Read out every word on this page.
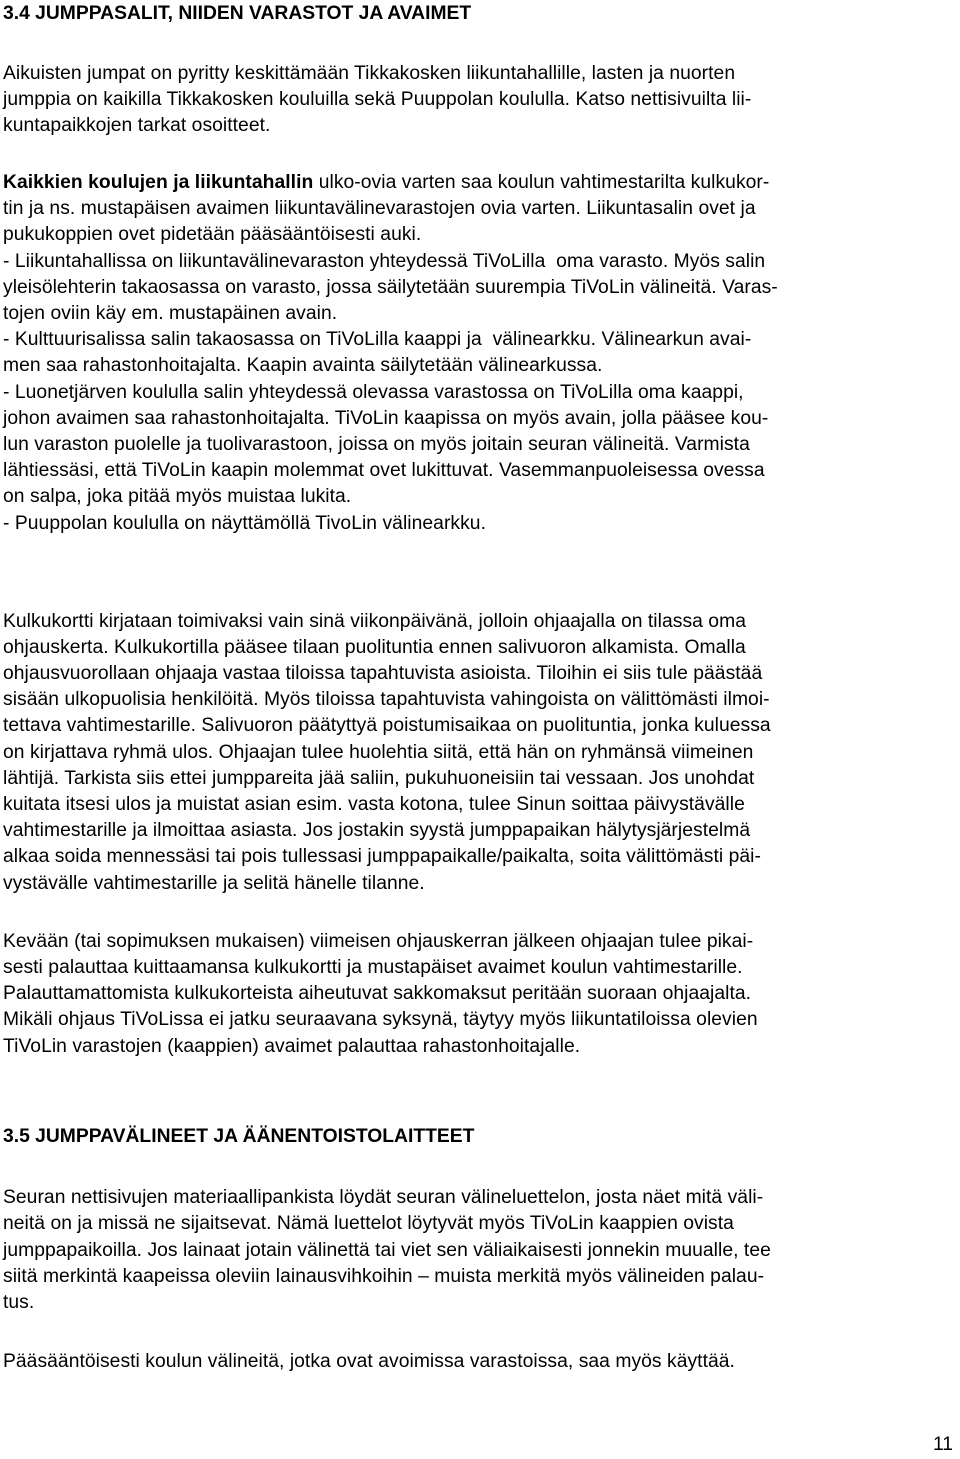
3.4 JUMPPASALIT, NIIDEN VARASTOT JA AVAIMET
Aikuisten jumpat on pyritty keskittämään Tikkakosken liikuntahallille, lasten ja nuorten
jumppia on kaikilla Tikkakosken kouluilla sekä Puuppolan koululla. Katso nettisivuilta lii-
kuntapaikkojen tarkat osoitteet.
Kaikkien koulujen ja liikuntahallin ulko-ovia varten saa koulun vahtimestarilta kulkukor-
tin ja ns. mustapäisen avaimen liikuntavälinevarastojen ovia varten. Liikuntasalin ovet ja
pukukoppien ovet pidetään pääsääntöisesti auki.
- Liikuntahallissa on liikuntavälinevaraston yhteydessä TiVoLilla  oma varasto. Myös salin
yleisölehterin takaosassa on varasto, jossa säilytetään suurempia TiVoLin välineitä. Varas-
tojen oviin käy em. mustapäinen avain.
- Kulttuurisalissa salin takaosassa on TiVoLilla kaappi ja  välinearkku. Välinearkun avai-
men saa rahastonhoitajalta. Kaapin avainta säilytetään välinearkussa.
- Luonetjärven koululla salin yhteydessä olevassa varastossa on TiVoLilla oma kaappi,
johon avaimen saa rahastonhoitajalta. TiVoLin kaapissa on myös avain, jolla pääsee kou-
lun varaston puolelle ja tuolivarastoon, joissa on myös joitain seuran välineitä. Varmista
lähtiessäsi, että TiVoLin kaapin molemmat ovet lukittuvat. Vasemmanpuoleisessa ovessa
on salpa, joka pitää myös muistaa lukita.
- Puuppolan koululla on näyttämöllä TivoLin välinearkku.
Kulkukortti kirjataan toimivaksi vain sinä viikonpäivänä, jolloin ohjaajalla on tilassa oma
ohjauskerta. Kulkukortilla pääsee tilaan puolituntia ennen salivuoron alkamista. Omalla
ohjausvuorollaan ohjaaja vastaa tiloissa tapahtuvista asioista. Tiloihin ei siis tule päästää
sisään ulkopuolisia henkilöitä. Myös tiloissa tapahtuvista vahingoista on välittömästi ilmoi-
tettava vahtimestarille. Salivuoron päätyttyä poistumisaikaa on puolituntia, jonka kuluessa
on kirjattava ryhmä ulos. Ohjaajan tulee huolehtia siitä, että hän on ryhmänsä viimeinen
lähtijä. Tarkista siis ettei jumppareita jää saliin, pukuhuoneisiin tai vessaan. Jos unohdat
kuitata itsesi ulos ja muistat asian esim. vasta kotona, tulee Sinun soittaa päivystävälle
vahtimestarille ja ilmoittaa asiasta. Jos jostakin syystä jumppapaikan hälytysjärjestelmä
alkaa soida mennessäsi tai pois tullessasi jumppapaikalle/paikalta, soita välittömästi päi-
vystävälle vahtimestarille ja selitä hänelle tilanne.
Kevään (tai sopimuksen mukaisen) viimeisen ohjauskerran jälkeen ohjaajan tulee pikai-
sesti palauttaa kuittaamansa kulkukortti ja mustapäiset avaimet koulun vahtimestarille.
Palauttamattomista kulkukorteista aiheutuvat sakkomaksut peritään suoraan ohjaajalta.
Mikäli ohjaus TiVoLissa ei jatku seuraavana syksynä, täytyy myös liikuntatiloissa olevien
TiVoLin varastojen (kaappien) avaimet palauttaa rahastonhoitajalle.
3.5 JUMPPAVÄLINEET JA ÄÄNENTOISTOLAITTEET
Seuran nettisivujen materiaallipankista löydät seuran välineluettelon, josta näet mitä väli-
neitä on ja missä ne sijaitsevat. Nämä luettelot löytyvät myös TiVoLin kaappien ovista
jumppapaikoilla. Jos lainaat jotain välinettä tai viet sen väliaikaisesti jonnekin muualle, tee
siitä merkintä kaapeissa oleviin lainausvihkoihin – muista merkitä myös välineiden palau-
tus.
Pääsääntöisesti koulun välineitä, jotka ovat avoimissa varastoissa, saa myös käyttää.
11
